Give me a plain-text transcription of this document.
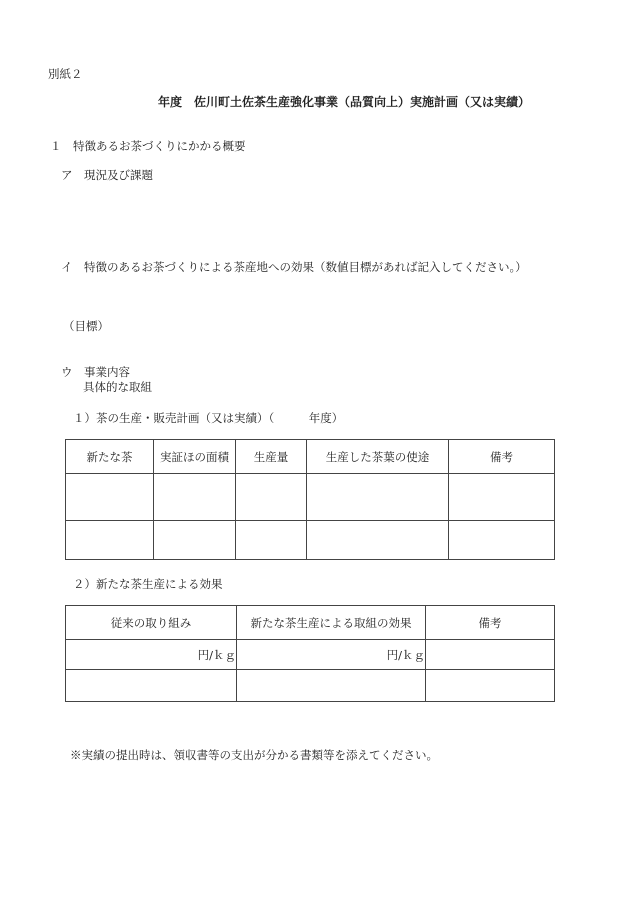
別紙２
年度　佐川町土佐茶生産強化事業（品質向上）実施計画（又は実績）
１　特徴あるお茶づくりにかかる概要
ア　現況及び課題
イ　特徴のあるお茶づくりによる茶産地への効果（数値目標があれば記入してください。）
（目標）
ウ　事業内容
具体的な取組
１）茶の生産・販売計画（又は実績）（　　　年度）
新たな茶	実証ほの面積	生産量	生産した茶葉の使途	備考

２）新たな茶生産による効果
従来の取り組み	新たな茶生産による取組の効果	備考
円/ｋｇ	円/ｋｇ	

※実績の提出時は、領収書等の支出が分かる書類等を添えてください。
